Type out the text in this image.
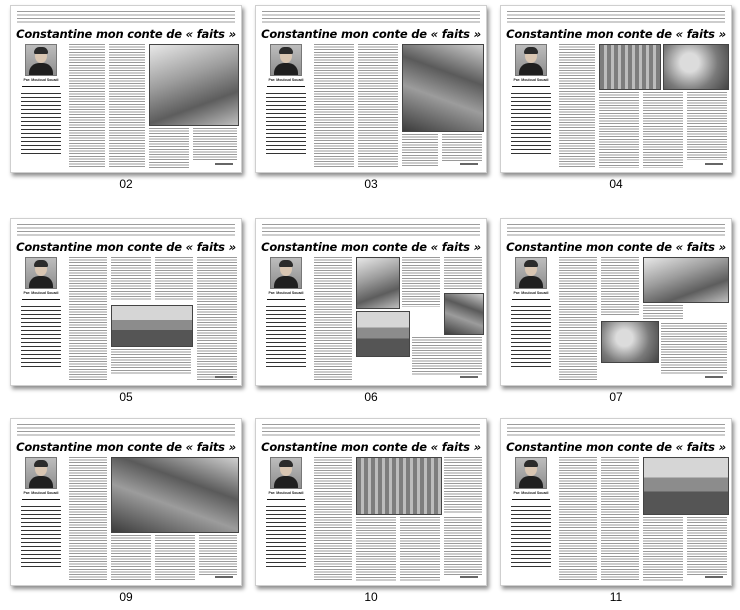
Constantine mon conte de « faits »
Par: Mouloud Souadi
02
Constantine mon conte de « faits »
Par: Mouloud Souadi
03
Constantine mon conte de « faits »
Par: Mouloud Souadi
04
Constantine mon conte de « faits »
Par: Mouloud Souadi
05
Constantine mon conte de « faits »
Par: Mouloud Souadi
06
Constantine mon conte de « faits »
Par: Mouloud Souadi
07
Constantine mon conte de « faits »
Par: Mouloud Souadi
09
Constantine mon conte de « faits »
Par: Mouloud Souadi
10
Constantine mon conte de « faits »
Par: Mouloud Souadi
11
